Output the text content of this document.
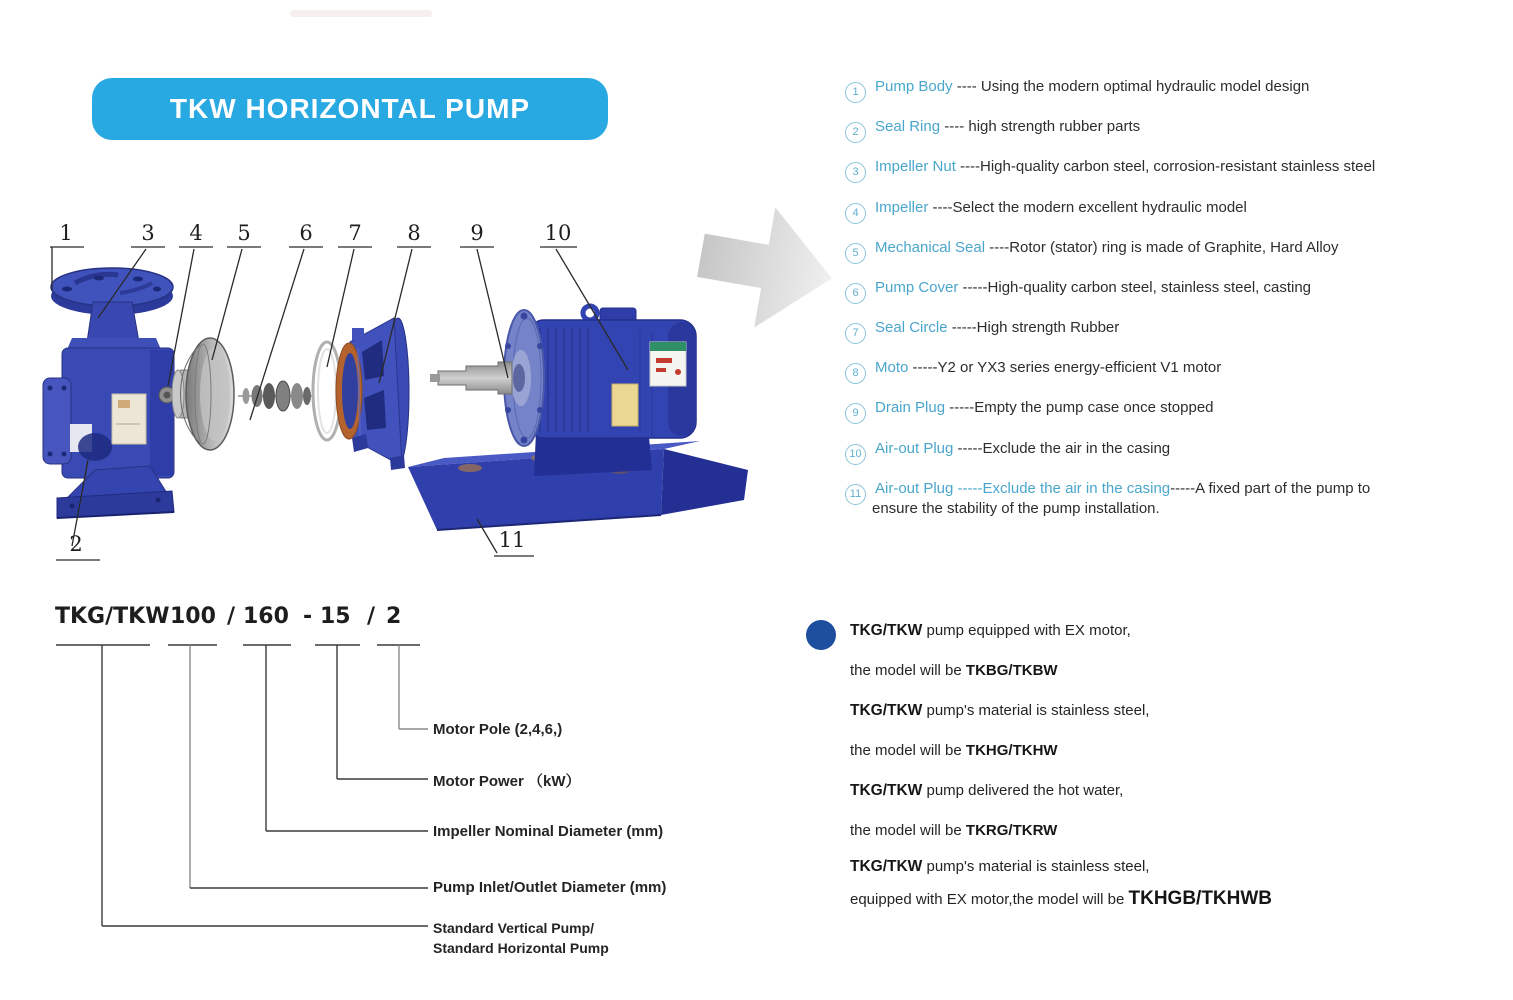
TKW HORIZONTAL PUMP
1	3	4	5	6	7	8	9	10
2	11
1 Pump Body ---- Using the modern optimal hydraulic model design
2 Seal Ring ---- high strength rubber parts
3 Impeller Nut ----High-quality carbon steel, corrosion-resistant stainless steel
4 Impeller ----Select the modern excellent hydraulic model
5 Mechanical Seal ----Rotor (stator) ring is made of Graphite, Hard Alloy
6 Pump Cover -----High-quality carbon steel, stainless steel, casting
7 Seal Circle -----High strength Rubber
8 Moto -----Y2 or YX3 series energy-efficient V1 motor
9 Drain Plug -----Empty the pump case once stopped
10 Air-out Plug -----Exclude the air in the casing
11 Air-out Plug -----Exclude the air in the casing-----A fixed part of the pump to
ensure the stability of the pump installation.
TKG/TKW 100 / 160 - 15 / 2
Motor Pole (2,4,6,)
Motor Power （kW）
Impeller Nominal Diameter (mm)
Pump Inlet/Outlet Diameter (mm)
Standard Vertical Pump/
Standard Horizontal Pump
TKG/TKW pump equipped with EX motor,
the model will be TKBG/TKBW
TKG/TKW pump's material is stainless steel,
the model will be TKHG/TKHW
TKG/TKW pump delivered the hot water,
the model will be TKRG/TKRW
TKG/TKW pump's material is stainless steel,
equipped with EX motor,the model will be TKHGB/TKHWB
